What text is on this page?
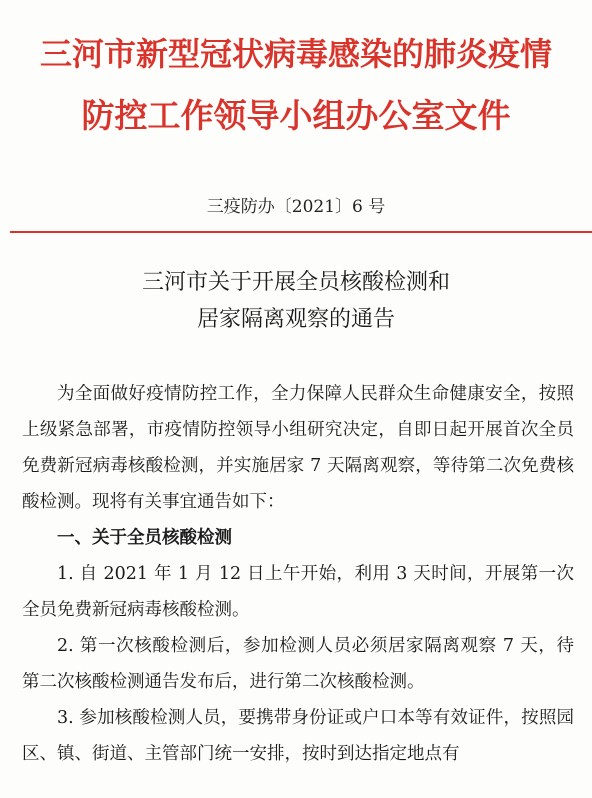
三河市新型冠状病毒感染的肺炎疫情
防控工作领导小组办公室文件
三疫防办〔2021〕6 号
三河市关于开展全员核酸检测和
居家隔离观察的通告

为全面做好疫情防控工作，全力保障人民群众生命健康安全，按照上级紧急部署，市疫情防控领导小组研究决定，自即日起开展首次全员免费新冠病毒核酸检测，并实施居家 7 天隔离观察，等待第二次免费核酸检测。现将有关事宜通告如下：

一、关于全员核酸检测

1. 自 2021 年 1 月 12 日上午开始，利用 3 天时间，开展第一次全员免费新冠病毒核酸检测。

2. 第一次核酸检测后，参加检测人员必须居家隔离观察 7 天，待第二次核酸检测通告发布后，进行第二次核酸检测。

3. 参加核酸检测人员，要携带身份证或户口本等有效证件，按照园区、镇、街道、主管部门统一安排，按时到达指定地点有
